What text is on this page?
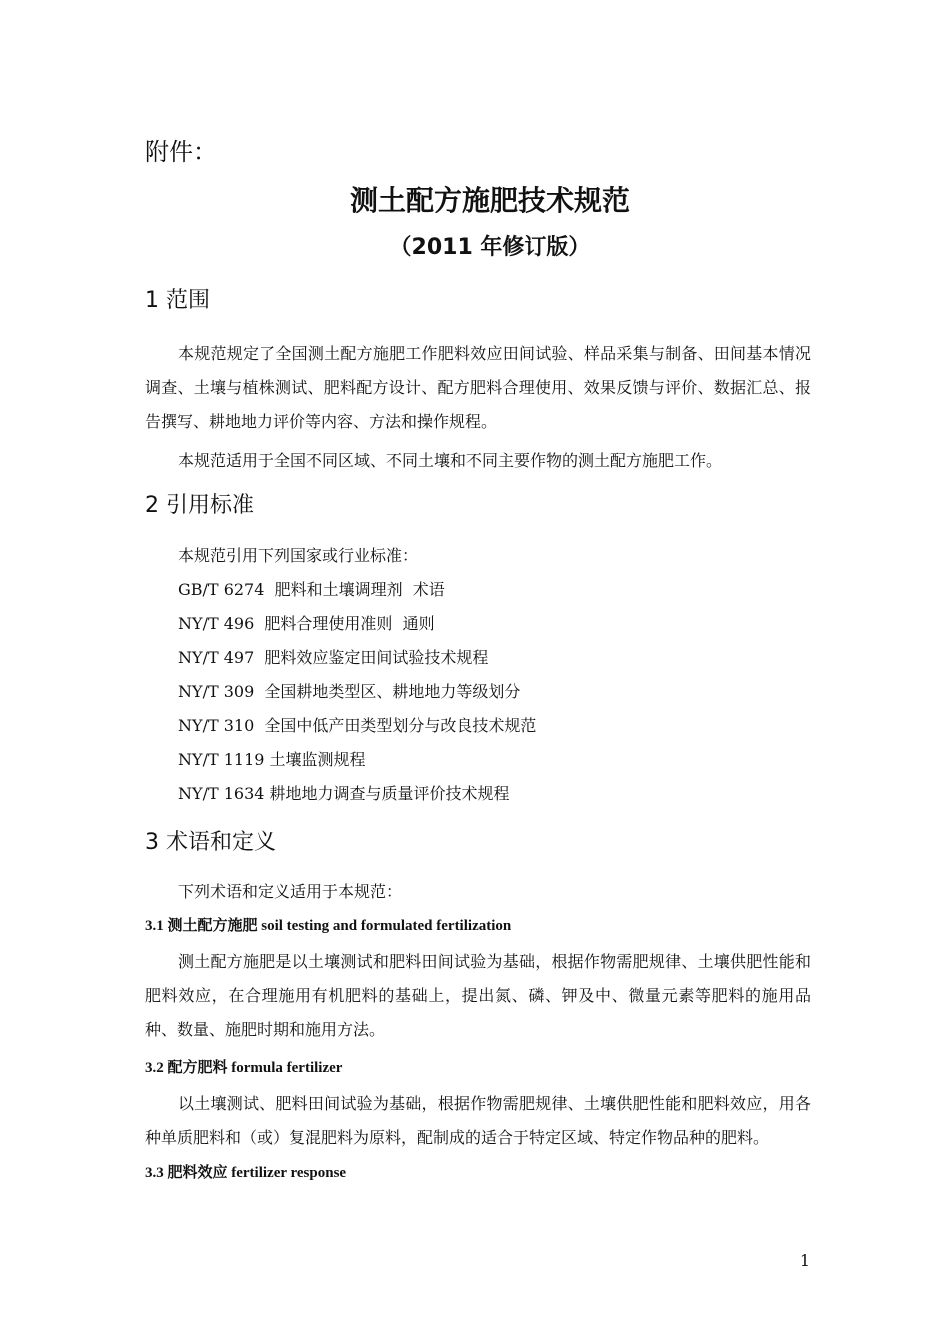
附件：
测土配方施肥技术规范
（2011 年修订版）
1 范围
本规范规定了全国测土配方施肥工作肥料效应田间试验、样品采集与制备、田间基本情况调查、土壤与植株测试、肥料配方设计、配方肥料合理使用、效果反馈与评价、数据汇总、报告撰写、耕地地力评价等内容、方法和操作规程。
本规范适用于全国不同区域、不同土壤和不同主要作物的测土配方施肥工作。
2 引用标准
本规范引用下列国家或行业标准：
GB/T 6274  肥料和土壤调理剂  术语
NY/T 496  肥料合理使用准则  通则
NY/T 497  肥料效应鉴定田间试验技术规程
NY/T 309  全国耕地类型区、耕地地力等级划分
NY/T 310  全国中低产田类型划分与改良技术规范
NY/T 1119 土壤监测规程
NY/T 1634 耕地地力调查与质量评价技术规程
3 术语和定义
下列术语和定义适用于本规范：
3.1 测土配方施肥 soil testing and formulated fertilization
测土配方施肥是以土壤测试和肥料田间试验为基础，根据作物需肥规律、土壤供肥性能和肥料效应，在合理施用有机肥料的基础上，提出氮、磷、钾及中、微量元素等肥料的施用品种、数量、施肥时期和施用方法。
3.2 配方肥料 formula fertilizer
以土壤测试、肥料田间试验为基础，根据作物需肥规律、土壤供肥性能和肥料效应，用各种单质肥料和（或）复混肥料为原料，配制成的适合于特定区域、特定作物品种的肥料。
3.3 肥料效应 fertilizer response
1
